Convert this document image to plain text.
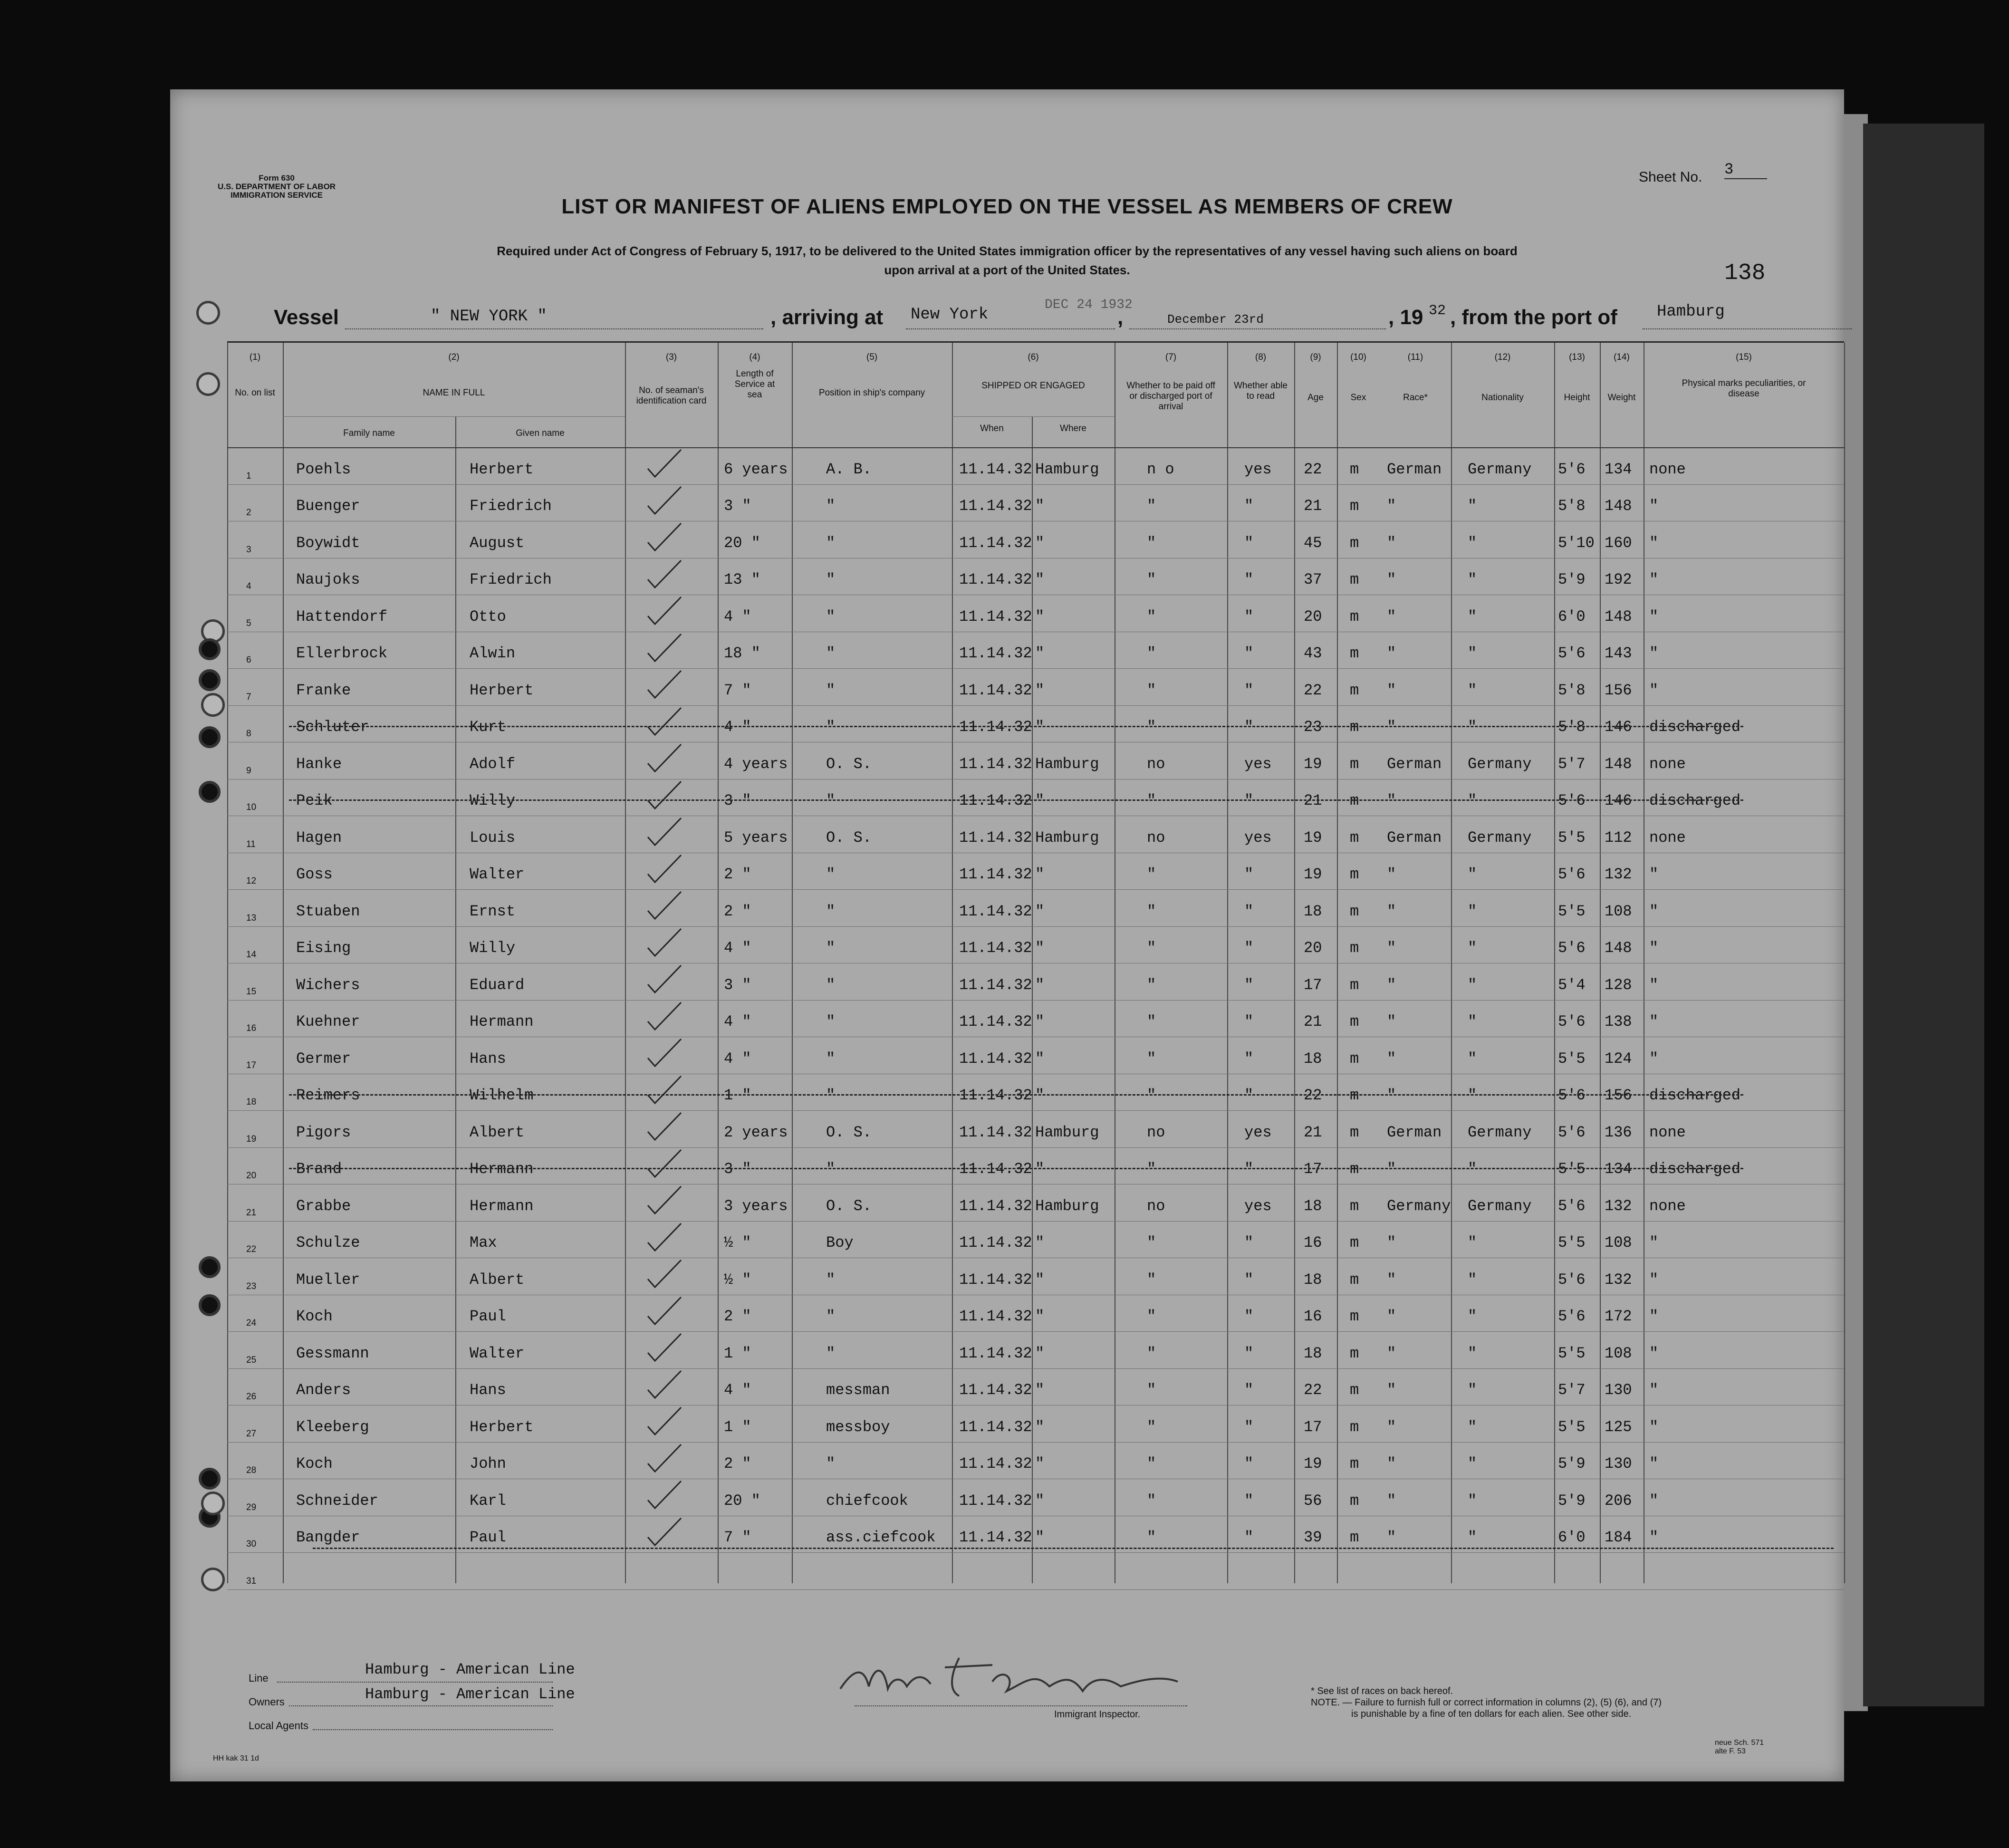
Form 630
U.S. DEPARTMENT OF LABOR
IMMIGRATION SERVICE
Sheet No. 3
138
LIST OR MANIFEST OF ALIENS EMPLOYED ON THE VESSEL AS MEMBERS OF CREW
Required under Act of Congress of February 5, 1917, to be delivered to the United States immigration officer by the representatives of any vessel having such aliens on board
upon arrival at a port of the United States.
DEC 24 1932
Vessel	" NEW YORK "	, arriving at New York	,	December 23rd	, 19 32 , from the port of Hamburg
(1)
No. on list
(2)
NAME IN FULL
Family name	Given name
(3)
No. of seaman's identification card
(4)
Length of Service at sea
(5)
Position in ship's company
(6)
SHIPPED OR ENGAGED
When	Where
(7)
Whether to be paid off or discharged port of arrival
(8)
Whether able to read
(9)
Age
(10)
Sex
(11)
Race*
(12)
Nationality
(13)
Height
(14)
Weight
(15)
Physical marks peculiarities, or disease
1	Poehls	Herbert	6 years	A. B.	11.14.32 Hamburg	n o	yes 22 m German Germany 5'6 134 none
2	Buenger	Friedrich	3 "	"	11.14.32 "	"	"	21 m "	"	5'8 148 "
3	Boywidt	August	20 "	"	11.14.32 "	"	"	45 m "	"	5'10 160 "
4	Naujoks	Friedrich	13 "	"	11.14.32 "	"	"	37 m "	"	5'9 192 "
5	Hattendorf	Otto	4 "	"	11.14.32 "	"	"	20 m "	"	6'0 148 "
6	Ellerbrock	Alwin	18 "	"	11.14.32 "	"	"	43 m "	"	5'6 143 "
7	Franke	Herbert	7 "	"	11.14.32 "	"	"	22 m "	"	5'8 156 "
8	Schluter	Kurt	4 "	"	11.14.32 "	"	"	23 m "	"	5'8 146 discharged
9	Hanke	Adolf	4 years	O. S.	11.14.32 Hamburg	no	yes 19 m German Germany 5'7 148 none
10	Peik	Willy	3 "	"	11.14.32 "	"	"	21 m "	"	5'6 146 discharged
11	Hagen	Louis	5 years	O. S.	11.14.32 Hamburg	no	yes 19 m German Germany 5'5 112 none
12	Goss	Walter	2 "	"	11.14.32 "	"	"	19 m "	"	5'6 132 "
13	Stuaben	Ernst	2 "	"	11.14.32 "	"	"	18 m "	"	5'5 108 "
14	Eising	Willy	4 "	"	11.14.32 "	"	"	20 m "	"	5'6 148 "
15	Wichers	Eduard	3 "	"	11.14.32 "	"	"	17 m "	"	5'4 128 "
16	Kuehner	Hermann	4 "	"	11.14.32 "	"	"	21 m "	"	5'6 138 "
17	Germer	Hans	4 "	"	11.14.32 "	"	"	18 m "	"	5'5 124 "
18	Reimers	Wilhelm	1 "	"	11.14.32 "	"	"	22 m "	"	5'6 156 discharged
19	Pigors	Albert	2 years	O. S.	11.14.32 Hamburg	no	yes 21 m German Germany 5'6 136 none
20	Brand	Hermann	3 "	"	11.14.32 "	"	"	17 m "	"	5'5 134 discharged
21	Grabbe	Hermann	3 years	O. S.	11.14.32 Hamburg	no	yes 18 m Germany Germany 5'6 132 none
22	Schulze	Max	½ "	Boy	11.14.32 "	"	"	16 m "	"	5'5 108 "
23	Mueller	Albert	½ "	"	11.14.32 "	"	"	18 m "	"	5'6 132 "
24	Koch	Paul	2 "	"	11.14.32 "	"	"	16 m "	"	5'6 172 "
25	Gessmann	Walter	1 "	"	11.14.32 "	"	"	18 m "	"	5'5 108 "
26	Anders	Hans	4 "	messman	11.14.32 "	"	"	22 m "	"	5'7 130 "
27	Kleeberg	Herbert	1 "	messboy	11.14.32 "	"	"	17 m "	"	5'5 125 "
28	Koch	John	2 "	"	11.14.32 "	"	"	19 m "	"	5'9 130 "
29	Schneider	Karl	20 "	chiefcook	11.14.32 "	"	"	56 m "	"	5'9 206 "
30	Bangder	Paul	7 "	ass.ciefcook 11.14.32 "	"	"	39 m "	"	6'0 184 "
31
Line	Hamburg - American Line
Owners	Hamburg - American Line
Local Agents
Immigrant Inspector.
* See list of races on back hereof.
NOTE. — Failure to furnish full or correct information in columns (2), (5) (6), and (7)
is punishable by a fine of ten dollars for each alien. See other side.
HH kak 31 1d
neue Sch. 571
alte F. 53
